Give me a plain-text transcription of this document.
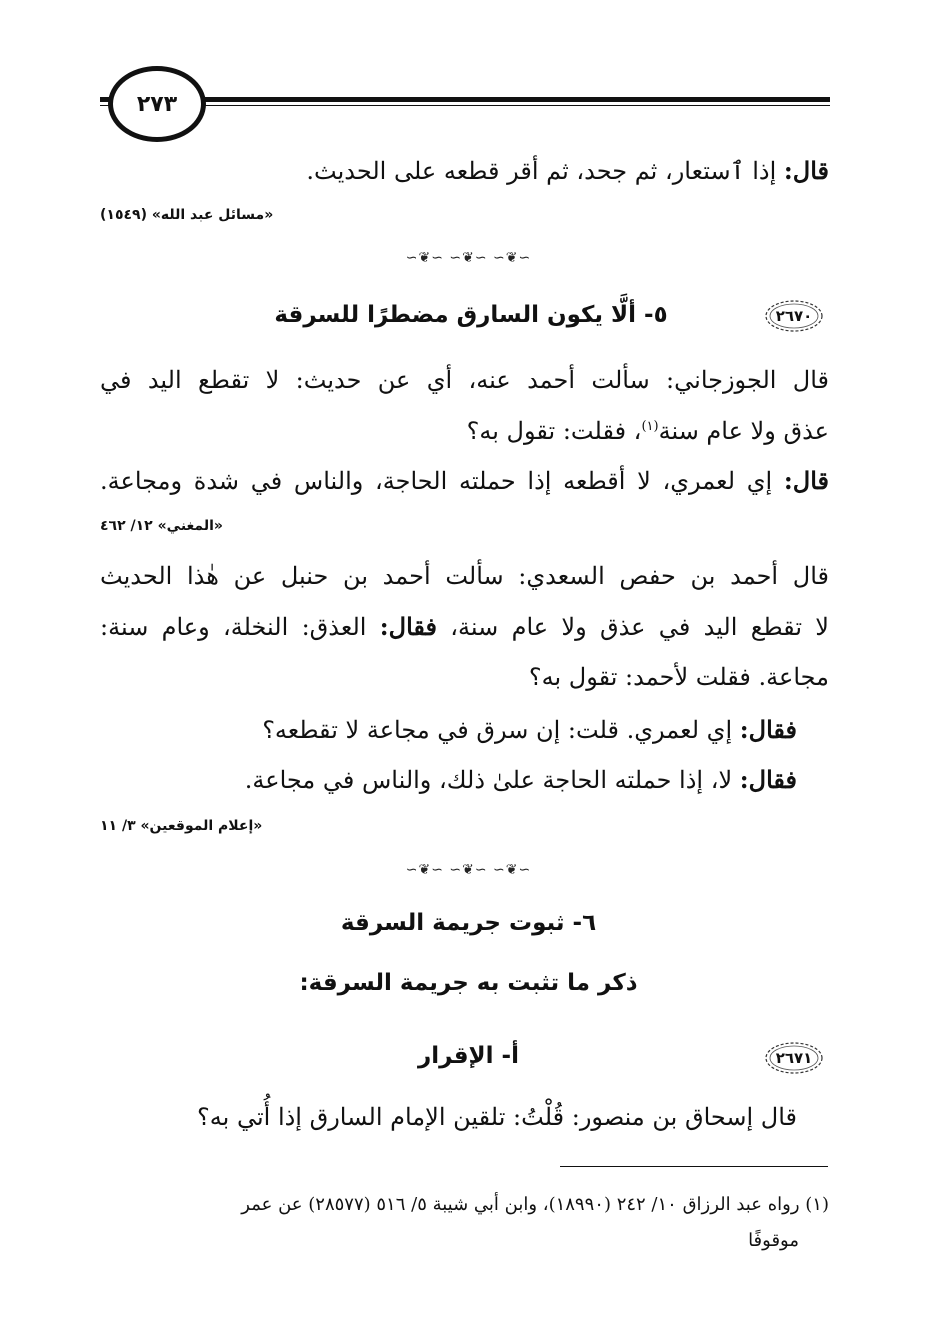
٢٧٣
قال: إذا ٱستعار، ثم جحد، ثم أقر قطعه على الحديث.
«مسائل عبد الله» (١٥٤٩)
∽❦∽ ∽❦∽ ∽❦∽
٢٦٧٠
٥- ألَّا يكون السارق مضطرًا للسرقة
قال الجوزجاني: سألت أحمد عنه، أي عن حديث: لا تقطع اليد في
عذق ولا عام سنة$^{(١)}$، فقلت: تقول به؟
قال: إي لعمري، لا أقطعه إذا حملته الحاجة، والناس في شدة ومجاعة.
«المغني» ١٢/ ٤٦٢
قال أحمد بن حفص السعدي: سألت أحمد بن حنبل عن هٰذا الحديث
لا تقطع اليد في عذق ولا عام سنة، فقال: العذق: النخلة، وعام سنة:
مجاعة. فقلت لأحمد: تقول به؟
فقال: إي لعمري. قلت: إن سرق في مجاعة لا تقطعه؟
فقال: لا، إذا حملته الحاجة علىٰ ذلك، والناس في مجاعة.
«إعلام الموقعين» ٣/ ١١
∽❦∽ ∽❦∽ ∽❦∽
٦- ثبوت جريمة السرقة
ذكر ما تثبت به جريمة السرقة:
٢٦٧١
أ- الإقرار
قال إسحاق بن منصور: قُلْتُ: تلقين الإمام السارق إذا أُتي به؟
(١) رواه عبد الرزاق ١٠/ ٢٤٢ (١٨٩٩٠)، وابن أبي شيبة ٥/ ٥١٦ (٢٨٥٧٧) عن عمر
موقوفًا
